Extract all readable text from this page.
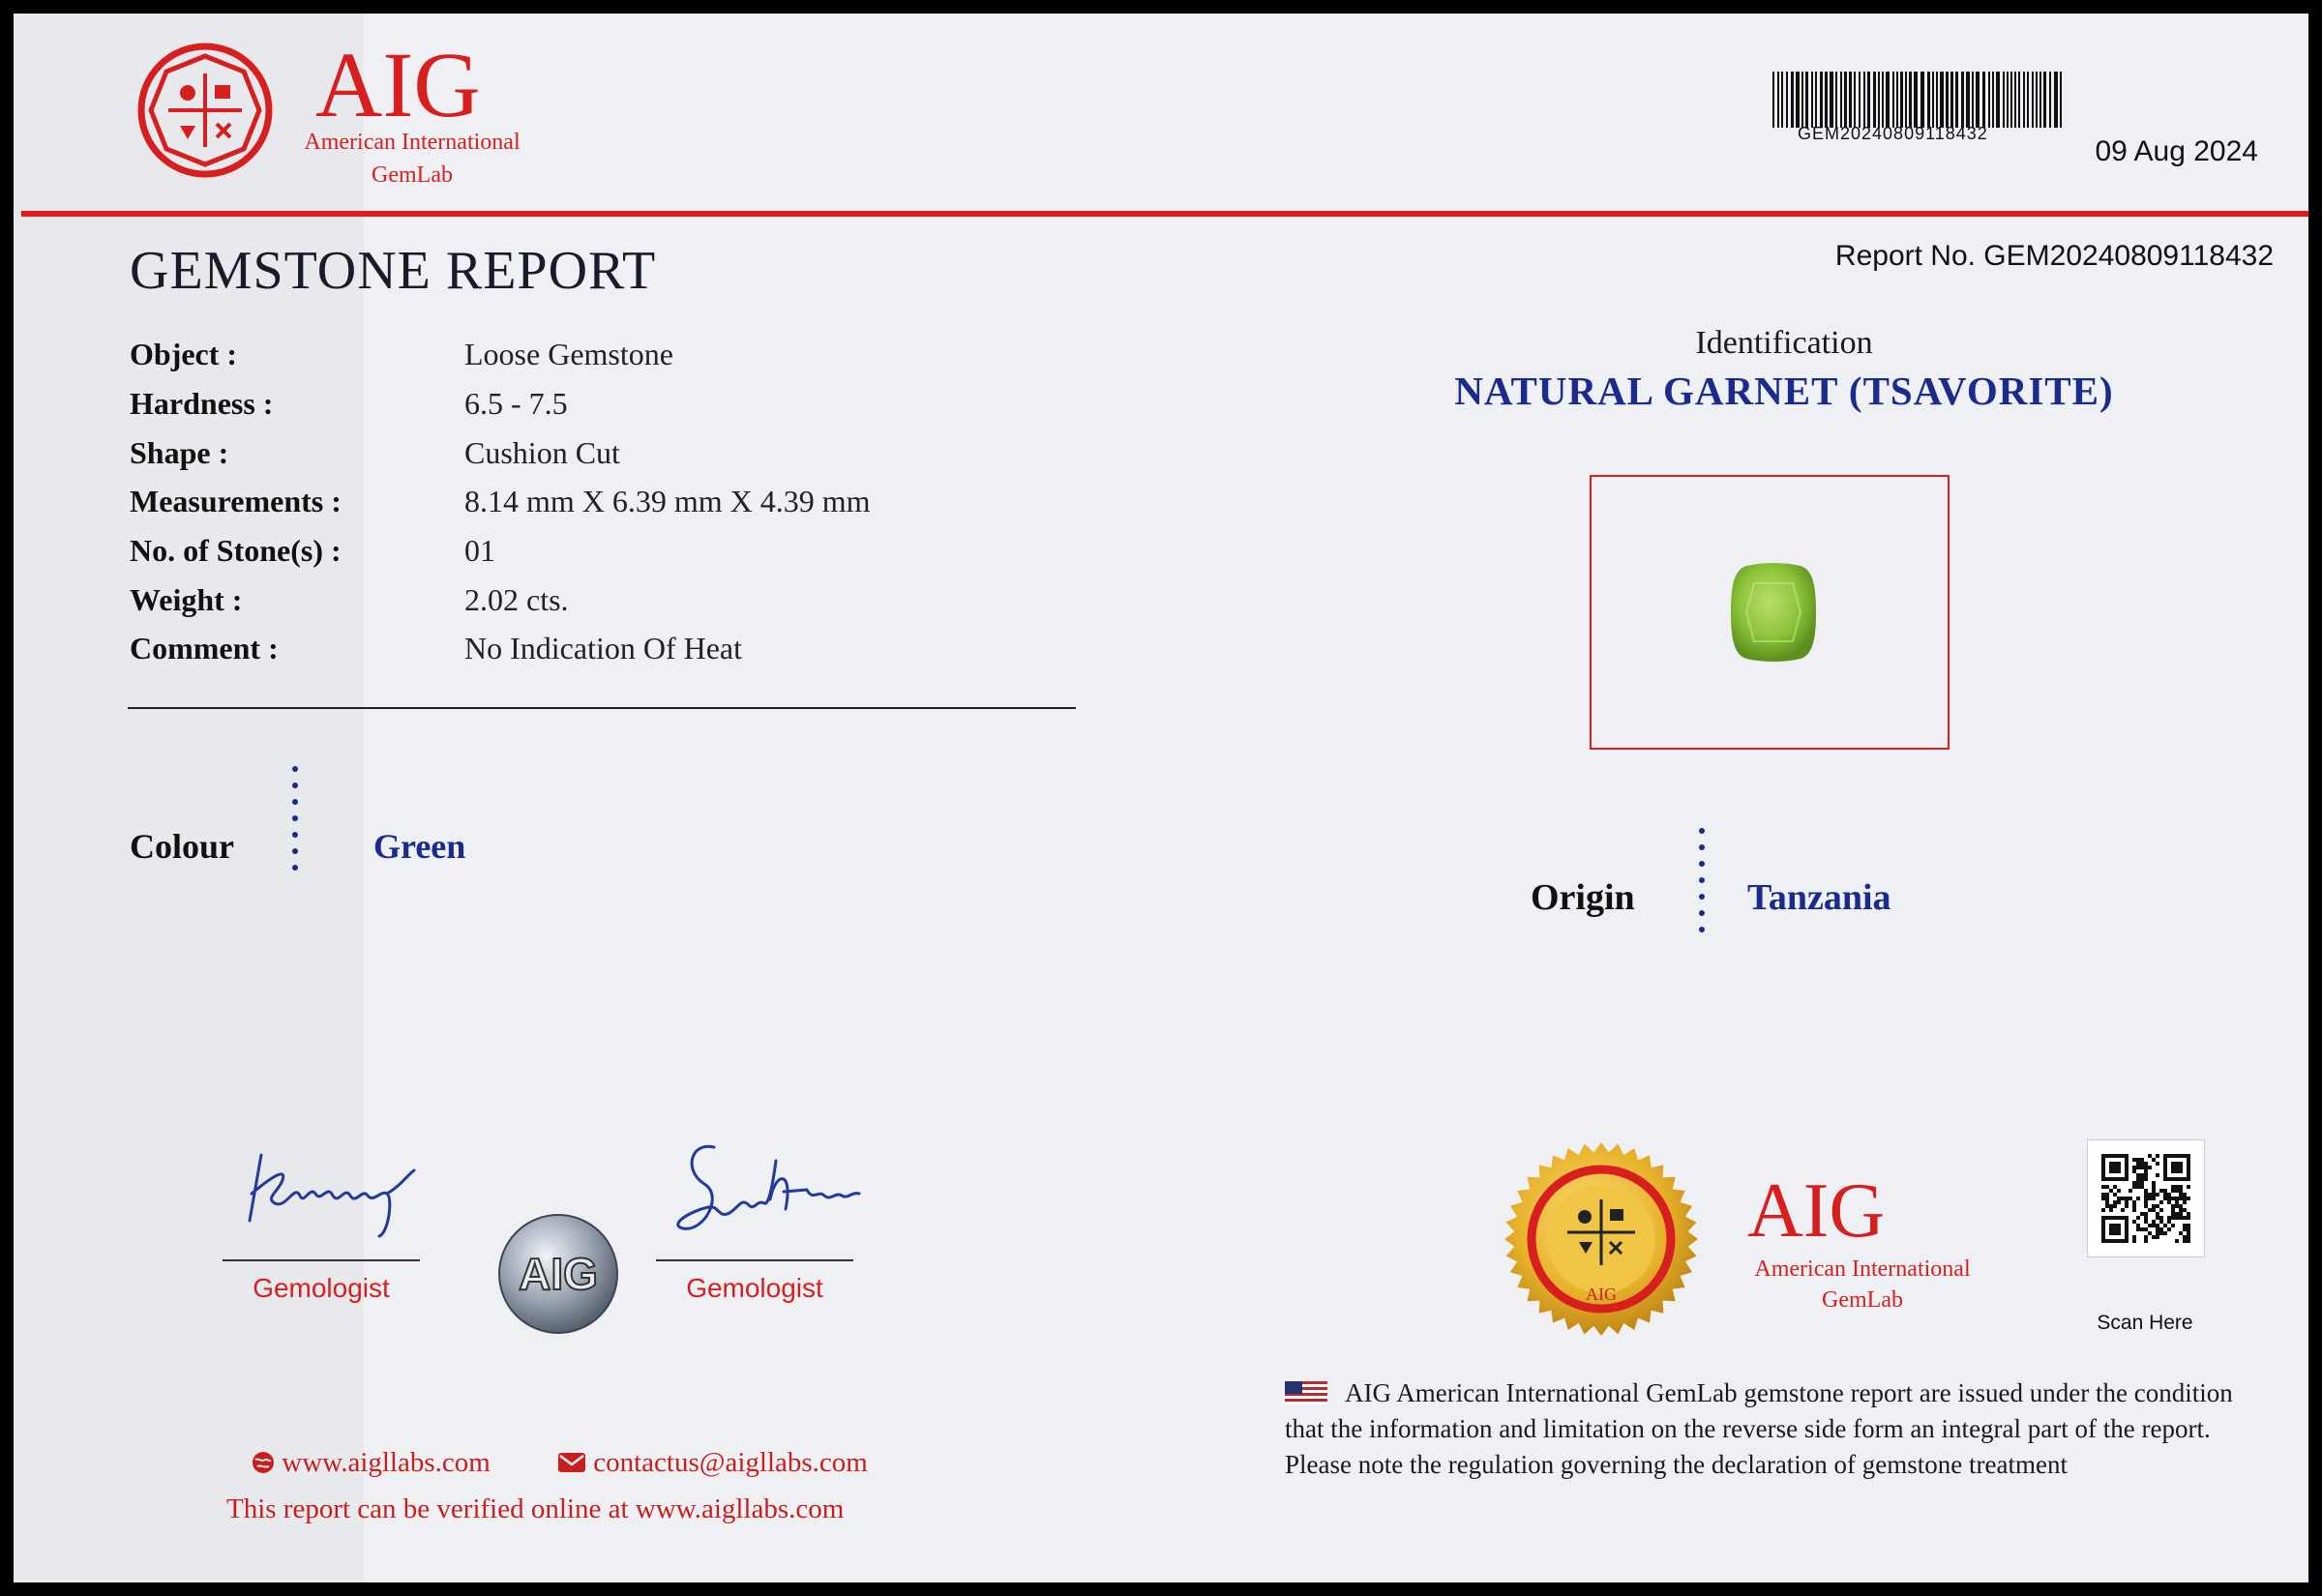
AIG
American International
GemLab
GEM20240809118432
09 Aug 2024
GEMSTONE REPORT
Object :	Loose Gemstone
Hardness :	6.5 - 7.5
Shape :	Cushion Cut
Measurements :	8.14 mm X 6.39 mm X 4.39 mm
No. of Stone(s) :	01
Weight :	2.02 cts.
Comment :	No Indication Of Heat
Colour	Green
Gemologist	AIG	Gemologist
www.aigllabs.com	contactus@aigllabs.com
This report can be verified online at www.aigllabs.com
Report No. GEM20240809118432
Identification
NATURAL GARNET (TSAVORITE)
Origin	Tanzania
AIG
AIG
American International
GemLab
Scan Here
AIG American International GemLab gemstone report are issued under the condition that the information and limitation on the reverse side form an integral part of the report. Please note the regulation governing the declaration of gemstone treatment
